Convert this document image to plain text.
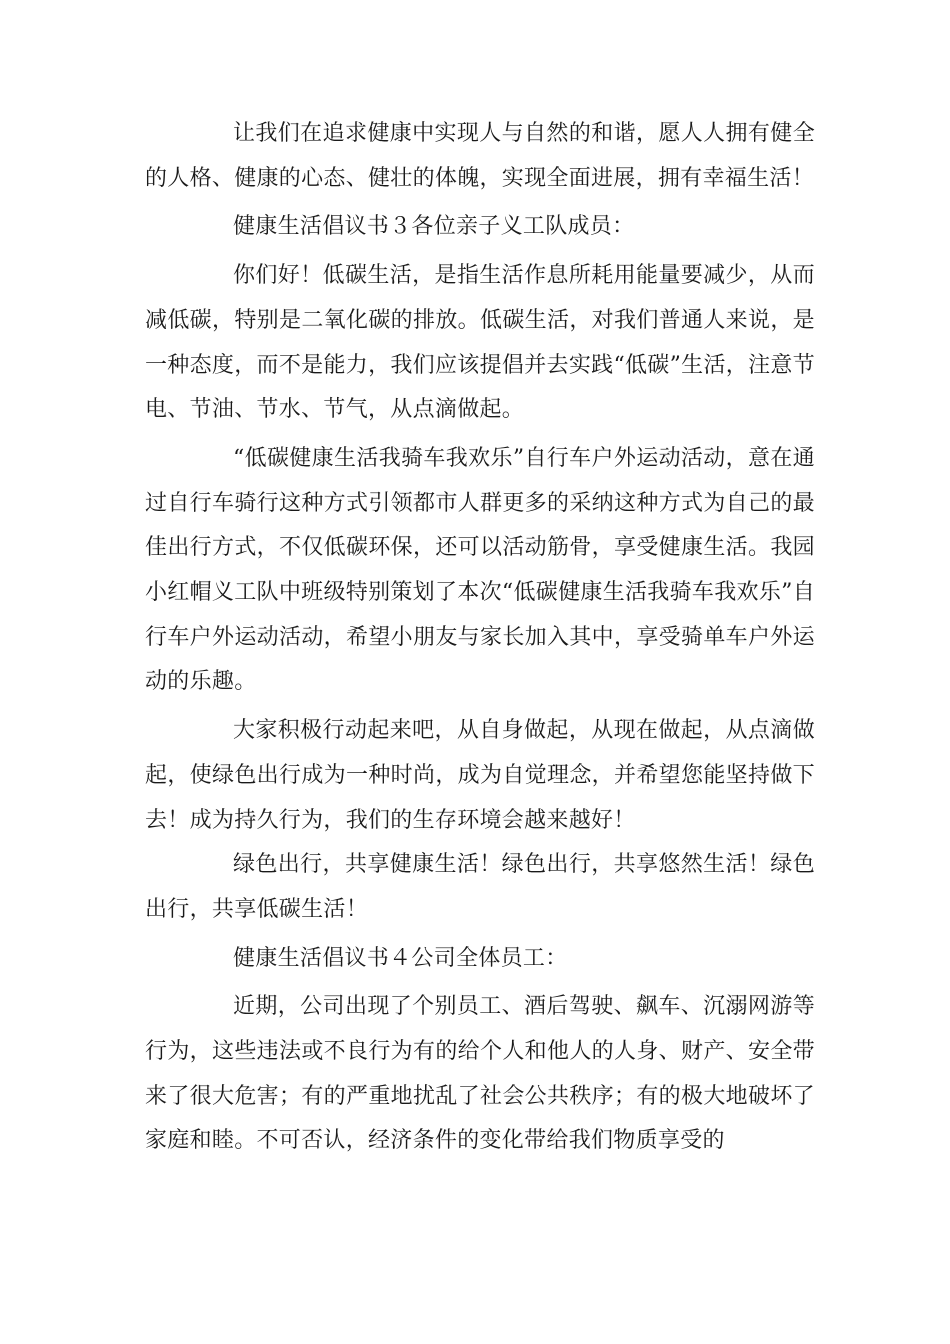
让我们在追求健康中实现人与自然的和谐，愿人人拥有健全的人格、健康的心态、健壮的体魄，实现全面进展，拥有幸福生活！

健康生活倡议书３各位亲子义工队成员：

你们好！低碳生活，是指生活作息所耗用能量要减少，从而减低碳，特别是二氧化碳的排放。低碳生活，对我们普通人来说，是一种态度，而不是能力，我们应该提倡并去实践“低碳”生活，注意节电、节油、节水、节气，从点滴做起。

“低碳健康生活我骑车我欢乐”自行车户外运动活动，意在通过自行车骑行这种方式引领都市人群更多的采纳这种方式为自己的最佳出行方式，不仅低碳环保，还可以活动筋骨，享受健康生活。我园小红帽义工队中班级特别策划了本次“低碳健康生活我骑车我欢乐”自行车户外运动活动，希望小朋友与家长加入其中，享受骑单车户外运动的乐趣。

大家积极行动起来吧，从自身做起，从现在做起，从点滴做起，使绿色出行成为一种时尚，成为自觉理念，并希望您能坚持做下去！成为持久行为，我们的生存环境会越来越好！

绿色出行，共享健康生活！绿色出行，共享悠然生活！绿色出行，共享低碳生活！

健康生活倡议书４公司全体员工：

近期，公司出现了个别员工、酒后驾驶、飙车、沉溺网游等行为，这些违法或不良行为有的给个人和他人的人身、财产、安全带来了很大危害；有的严重地扰乱了社会公共秩序；有的极大地破坏了家庭和睦。不可否认，经济条件的变化带给我们物质享受的
